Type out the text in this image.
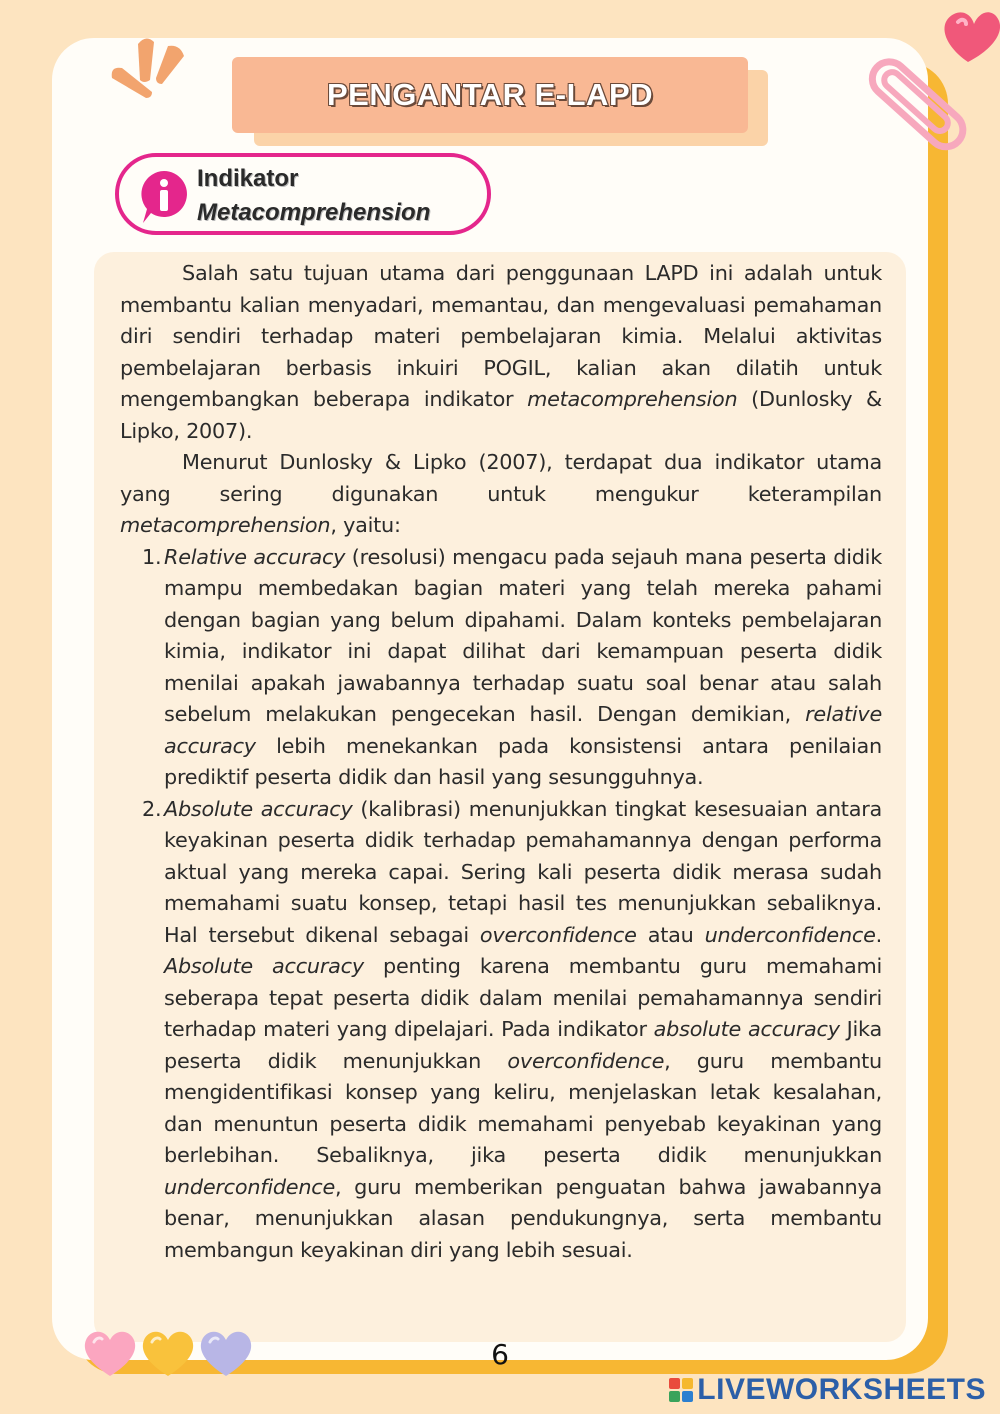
PENGANTAR E-LAPD
Indikator
Metacomprehension

Salah satu tujuan utama dari penggunaan LAPD ini adalah untuk membantu kalian menyadari, memantau, dan mengevaluasi pemahaman diri sendiri terhadap materi pembelajaran kimia. Melalui aktivitas pembelajaran berbasis inkuiri POGIL, kalian akan dilatih untuk mengembangkan beberapa indikator metacomprehension (Dunlosky & Lipko, 2007).

Menurut Dunlosky & Lipko (2007), terdapat dua indikator utama yang sering digunakan untuk mengukur keterampilan metacomprehension, yaitu:

1. Relative accuracy (resolusi) mengacu pada sejauh mana peserta didik mampu membedakan bagian materi yang telah mereka pahami dengan bagian yang belum dipahami. Dalam konteks pembelajaran kimia, indikator ini dapat dilihat dari kemampuan peserta didik menilai apakah jawabannya terhadap suatu soal benar atau salah sebelum melakukan pengecekan hasil. Dengan demikian, relative accuracy lebih menekankan pada konsistensi antara penilaian prediktif peserta didik dan hasil yang sesungguhnya.
2. Absolute accuracy (kalibrasi) menunjukkan tingkat kesesuaian antara keyakinan peserta didik terhadap pemahamannya dengan performa aktual yang mereka capai. Sering kali peserta didik merasa sudah memahami suatu konsep, tetapi hasil tes menunjukkan sebaliknya. Hal tersebut dikenal sebagai overconfidence atau underconfidence. Absolute accuracy penting karena membantu guru memahami seberapa tepat peserta didik dalam menilai pemahamannya sendiri terhadap materi yang dipelajari. Pada indikator absolute accuracy Jika peserta didik menunjukkan overconfidence, guru membantu mengidentifikasi konsep yang keliru, menjelaskan letak kesalahan, dan menuntun peserta didik memahami penyebab keyakinan yang berlebihan. Sebaliknya, jika peserta didik menunjukkan underconfidence, guru memberikan penguatan bahwa jawabannya benar, menunjukkan alasan pendukungnya, serta membantu membangun keyakinan diri yang lebih sesuai.
6
LIVEWORKSHEETS
